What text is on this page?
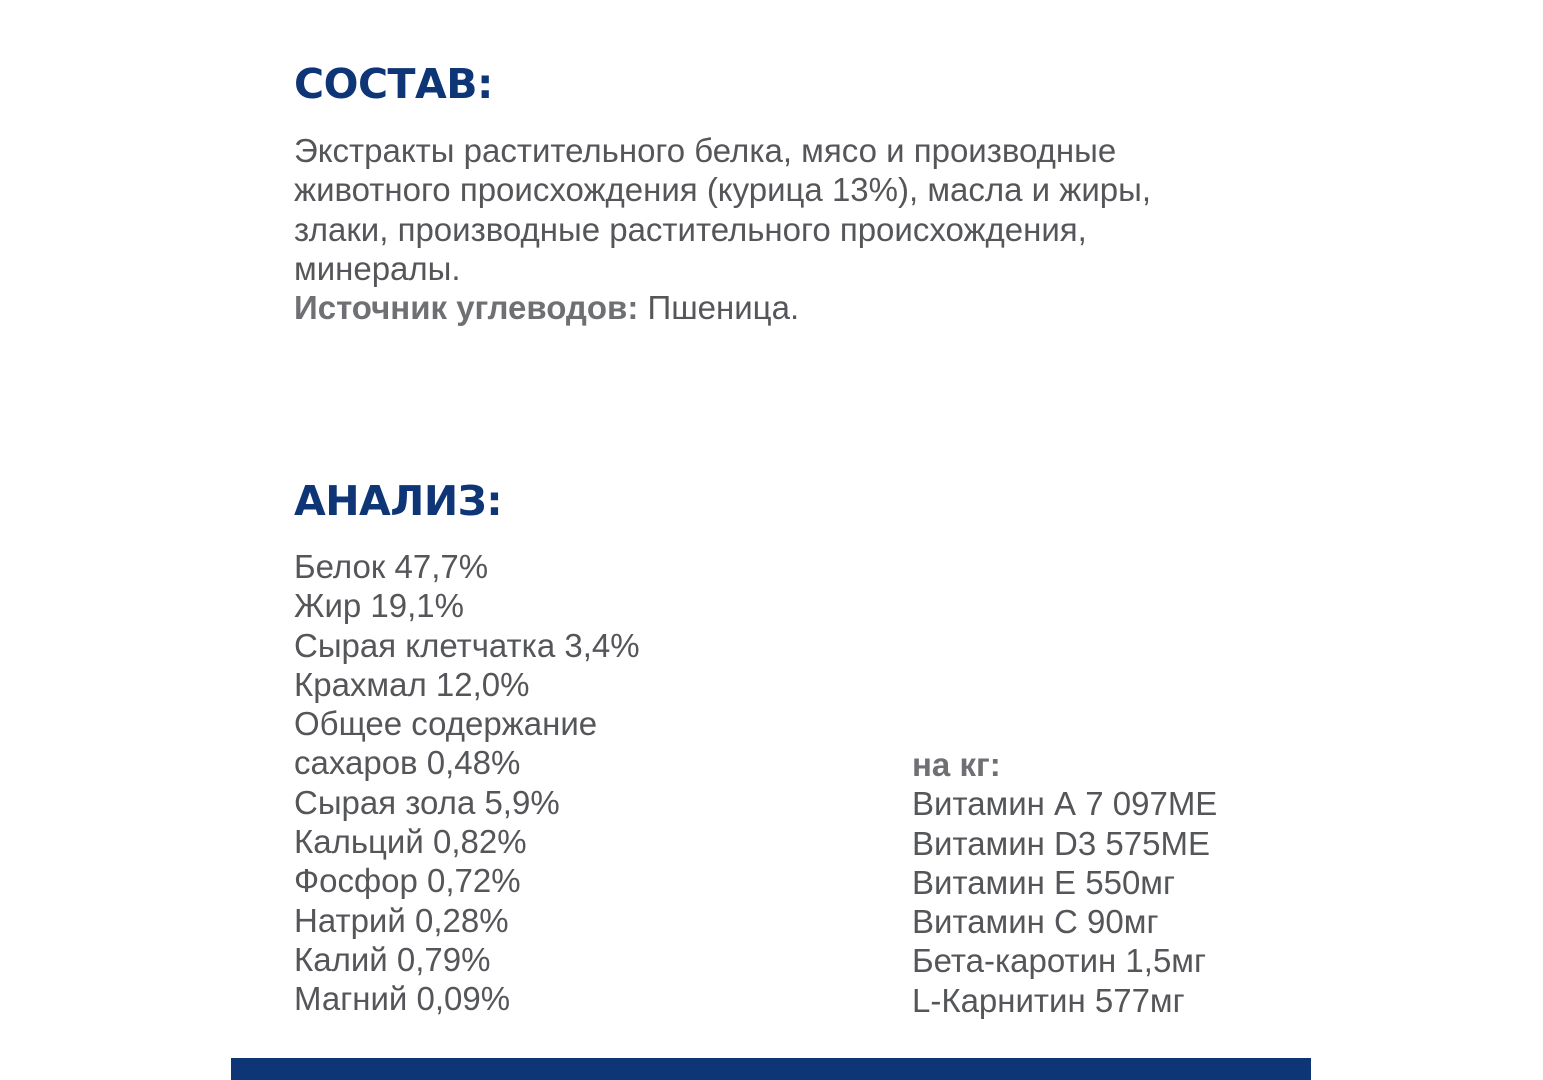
СОСТАВ:
Экстракты растительного белка, мясо и производные
животного происхождения (курица 13%), масла и жиры,
злаки, производные растительного происхождения,
минералы.
Источник углеводов: Пшеница.
АНАЛИЗ:
Белок 47,7%
Жир 19,1%
Сырая клетчатка 3,4%
Крахмал 12,0%
Общее содержание
сахаров 0,48%
Сырая зола 5,9%
Кальций 0,82%
Фосфор 0,72%
Натрий 0,28%
Калий 0,79%
Магний 0,09%
на кг:
Витамин А 7 097МЕ
Витамин D3 575МЕ
Витамин Е 550мг
Витамин С 90мг
Бета-каротин 1,5мг
L-Карнитин 577мг
